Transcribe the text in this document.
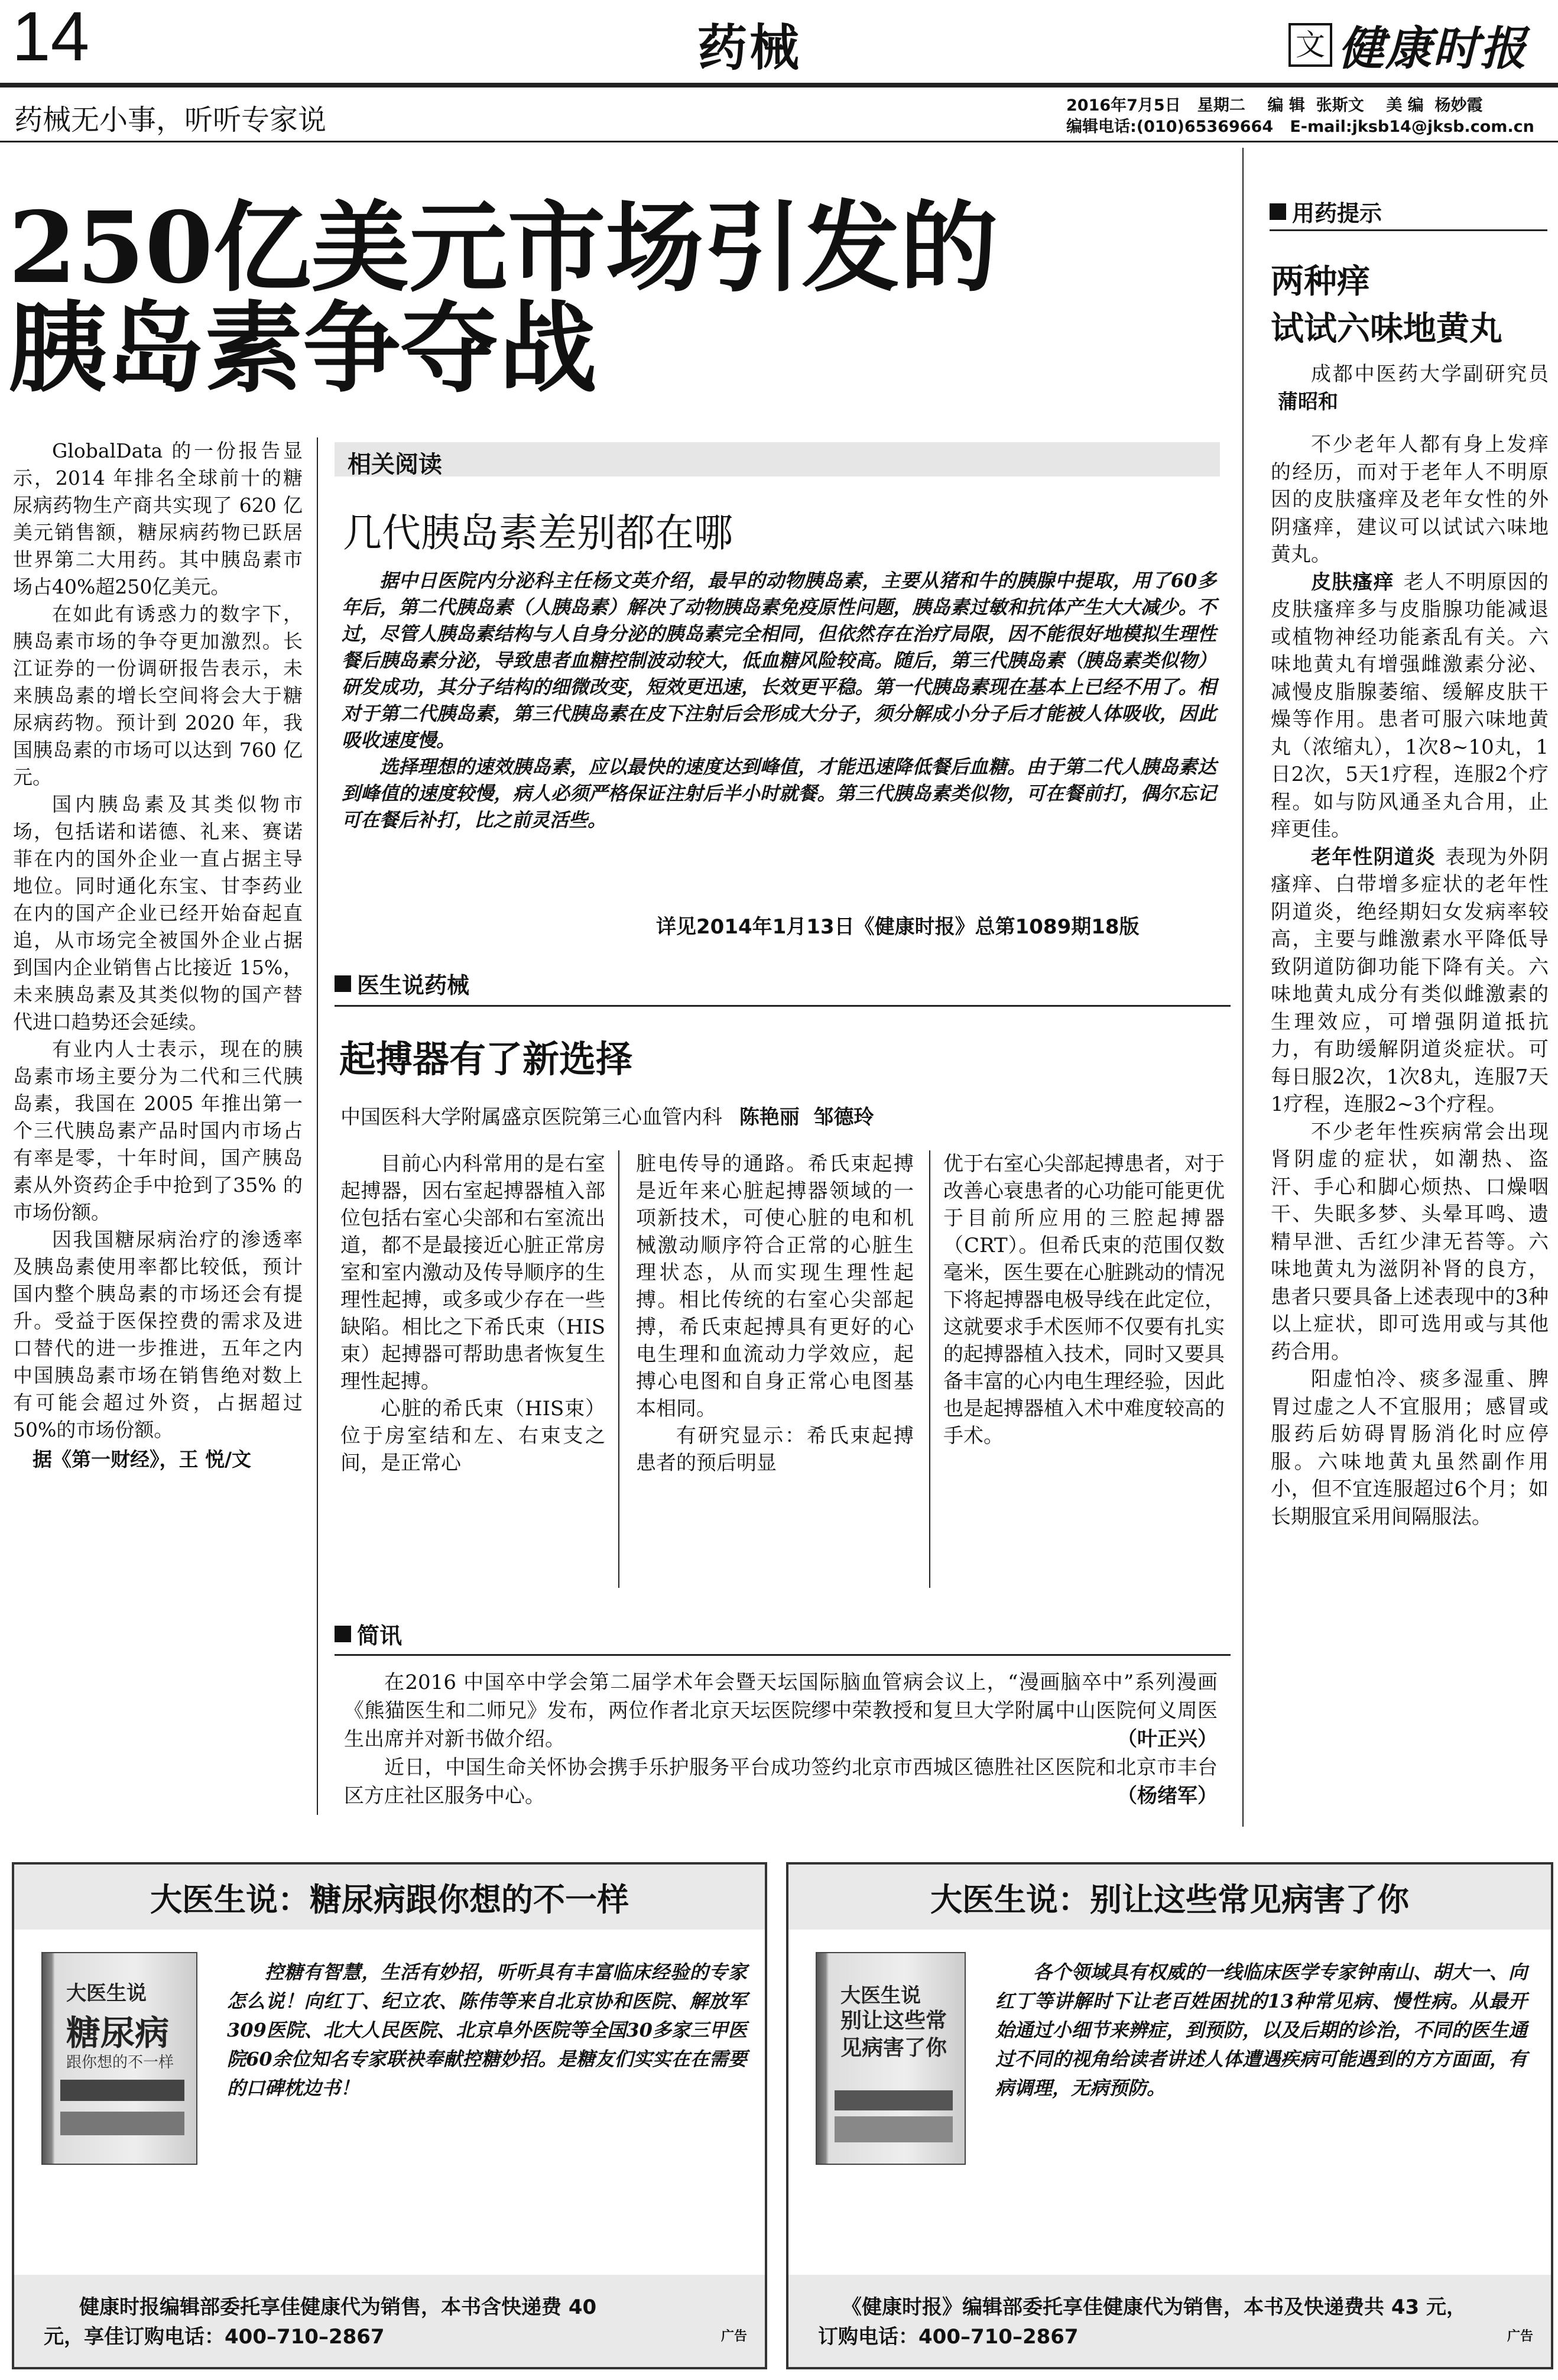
14	药械	文 健康时报
药械无小事，听听专家说	2016年7月5日   星期二    编 辑  张斯文    美 编  杨妙霞
编辑电话:(010)65369664   E-mail:jksb14@jksb.com.cn
250亿美元市场引发的
胰岛素争夺战

GlobalData 的一份报告显示，2014 年排名全球前十的糖尿病药物生产商共实现了 620 亿美元销售额，糖尿病药物已跃居世界第二大用药。其中胰岛素市场占40%超250亿美元。

在如此有诱惑力的数字下，胰岛素市场的争夺更加激烈。长江证券的一份调研报告表示，未来胰岛素的增长空间将会大于糖尿病药物。预计到 2020 年，我国胰岛素的市场可以达到 760 亿元。

国内胰岛素及其类似物市场，包括诺和诺德、礼来、赛诺菲在内的国外企业一直占据主导地位。同时通化东宝、甘李药业在内的国产企业已经开始奋起直追，从市场完全被国外企业占据到国内企业销售占比接近 15%，未来胰岛素及其类似物的国产替代进口趋势还会延续。

有业内人士表示，现在的胰岛素市场主要分为二代和三代胰岛素，我国在 2005 年推出第一个三代胰岛素产品时国内市场占有率是零，十年时间，国产胰岛素从外资药企手中抢到了35% 的市场份额。

因我国糖尿病治疗的渗透率及胰岛素使用率都比较低，预计国内整个胰岛素的市场还会有提升。受益于医保控费的需求及进口替代的进一步推进，五年之内中国胰岛素市场在销售绝对数上有可能会超过外资，占据超过50%的市场份额。

据《第一财经》，王 悦/文
相关阅读
几代胰岛素差别都在哪

据中日医院内分泌科主任杨文英介绍，最早的动物胰岛素，主要从猪和牛的胰腺中提取，用了60多年后，第二代胰岛素（人胰岛素）解决了动物胰岛素免疫原性问题，胰岛素过敏和抗体产生大大减少。不过，尽管人胰岛素结构与人自身分泌的胰岛素完全相同，但依然存在治疗局限，因不能很好地模拟生理性餐后胰岛素分泌，导致患者血糖控制波动较大，低血糖风险较高。随后，第三代胰岛素（胰岛素类似物）研发成功，其分子结构的细微改变，短效更迅速，长效更平稳。第一代胰岛素现在基本上已经不用了。相对于第二代胰岛素，第三代胰岛素在皮下注射后会形成大分子，须分解成小分子后才能被人体吸收，因此吸收速度慢。

选择理想的速效胰岛素，应以最快的速度达到峰值，才能迅速降低餐后血糖。由于第二代人胰岛素达到峰值的速度较慢，病人必须严格保证注射后半小时就餐。第三代胰岛素类似物，可在餐前打，偶尔忘记可在餐后补打，比之前灵活些。

详见2014年1月13日《健康时报》总第1089期18版
医生说药械
起搏器有了新选择
中国医科大学附属盛京医院第三心血管内科 陈艳丽  邹德玲

目前心内科常用的是右室起搏器，因右室起搏器植入部位包括右室心尖部和右室流出道，都不是最接近心脏正常房室和室内激动及传导顺序的生理性起搏，或多或少存在一些缺陷。相比之下希氏束（HIS束）起搏器可帮助患者恢复生理性起搏。

心脏的希氏束（HIS束）位于房室结和左、右束支之间，是正常心

脏电传导的通路。希氏束起搏是近年来心脏起搏器领域的一项新技术，可使心脏的电和机械激动顺序符合正常的心脏生理状态，从而实现生理性起搏。相比传统的右室心尖部起搏，希氏束起搏具有更好的心电生理和血流动力学效应，起搏心电图和自身正常心电图基本相同。

有研究显示：希氏束起搏患者的预后明显

优于右室心尖部起搏患者，对于改善心衰患者的心功能可能更优于目前所应用的三腔起搏器（CRT）。但希氏束的范围仅数毫米，医生要在心脏跳动的情况下将起搏器电极导线在此定位，这就要求手术医师不仅要有扎实的起搏器植入技术，同时又要具备丰富的心内电生理经验，因此也是起搏器植入术中难度较高的手术。

简讯

在2016 中国卒中学会第二届学术年会暨天坛国际脑血管病会议上，“漫画脑卒中”系列漫画《熊猫医生和二师兄》发布，两位作者北京天坛医院缪中荣教授和复旦大学附属中山医院何义周医生出席并对新书做介绍。	（叶正兴）

近日，中国生命关怀协会携手乐护服务平台成功签约北京市西城区德胜社区医院和北京市丰台区方庄社区服务中心。	（杨绪军）

用药提示
两种痒
试试六味地黄丸

成都中医药大学副研究员 蒲昭和

不少老年人都有身上发痒的经历，而对于老年人不明原因的皮肤瘙痒及老年女性的外阴瘙痒，建议可以试试六味地黄丸。

皮肤瘙痒 老人不明原因的皮肤瘙痒多与皮脂腺功能减退或植物神经功能紊乱有关。六味地黄丸有增强雌激素分泌、减慢皮脂腺萎缩、缓解皮肤干燥等作用。患者可服六味地黄丸（浓缩丸），1次8~10丸，1日2次，5天1疗程，连服2个疗程。如与防风通圣丸合用，止痒更佳。

老年性阴道炎 表现为外阴瘙痒、白带增多症状的老年性阴道炎，绝经期妇女发病率较高，主要与雌激素水平降低导致阴道防御功能下降有关。六味地黄丸成分有类似雌激素的生理效应，可增强阴道抵抗力，有助缓解阴道炎症状。可每日服2次，1次8丸，连服7天1疗程，连服2~3个疗程。

不少老年性疾病常会出现肾阴虚的症状，如潮热、盗汗、手心和脚心烦热、口燥咽干、失眠多梦、头晕耳鸣、遗精早泄、舌红少津无苔等。六味地黄丸为滋阴补肾的良方，患者只要具备上述表现中的3种以上症状，即可选用或与其他药合用。

阳虚怕冷、痰多湿重、脾胃过虚之人不宜服用；感冒或服药后妨碍胃肠消化时应停服。六味地黄丸虽然副作用小，但不宜连服超过6个月；如长期服宜采用间隔服法。

大医生说：糖尿病跟你想的不一样
大医生说
糖尿病
跟你想的不一样
控糖有智慧，生活有妙招，听听具有丰富临床经验的专家怎么说！向红丁、纪立农、陈伟等来自北京协和医院、解放军309医院、北大人民医院、北京阜外医院等全国30多家三甲医院60余位知名专家联袂奉献控糖妙招。是糖友们实实在在需要的口碑枕边书！
健康时报编辑部委托享佳健康代为销售，本书含快递费 40
元，享佳订购电话：400–710–2867	广告
大医生说：别让这些常见病害了你
大医生说
别让这些常见病害了你
各个领域具有权威的一线临床医学专家钟南山、胡大一、向红丁等讲解时下让老百姓困扰的13种常见病、慢性病。从最开始通过小细节来辨症，到预防，以及后期的诊治，不同的医生通过不同的视角给读者讲述人体遭遇疾病可能遇到的方方面面，有病调理，无病预防。
《健康时报》编辑部委托享佳健康代为销售，本书及快递费共 43 元，
订购电话：400–710–2867	广告
